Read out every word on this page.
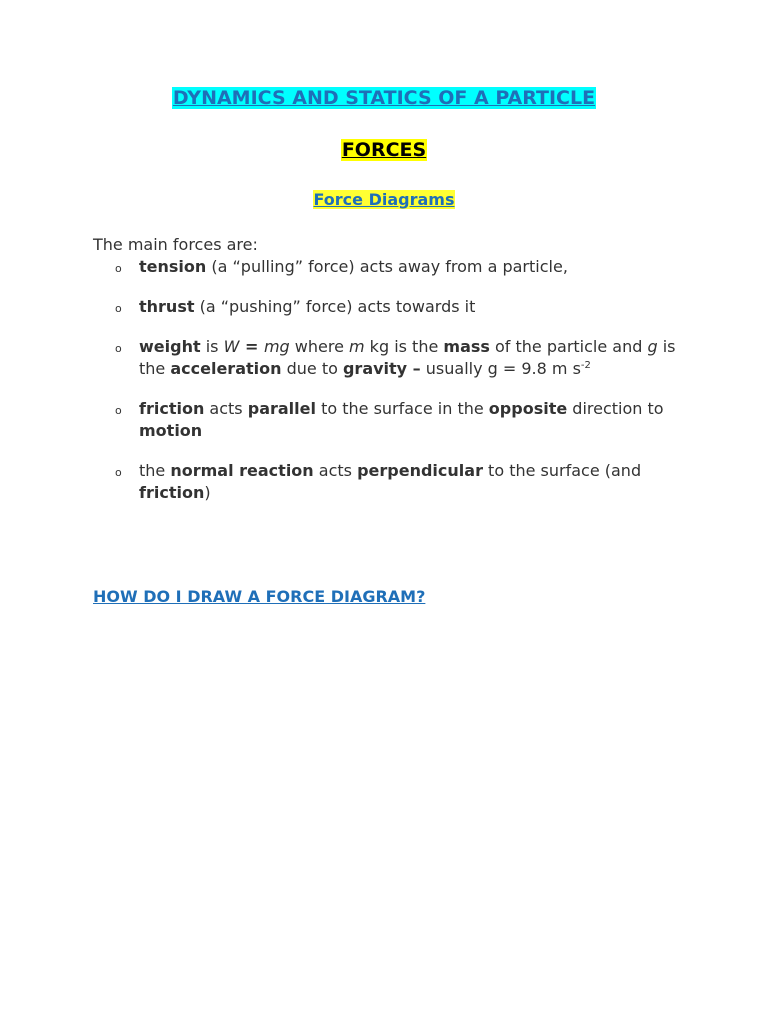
DYNAMICS AND STATICS OF A PARTICLE
FORCES
Force Diagrams

The main forces are:

o tension (a “pulling” force) acts away from a particle,
o thrust (a “pushing” force) acts towards it
o weight is W = mg where m kg is the mass of the particle and g is the acceleration due to gravity – usually g = 9.8 m $s^{-2}$
o friction acts parallel to the surface in the opposite direction to motion
o the normal reaction acts perpendicular to the surface (and friction)

HOW DO I DRAW A FORCE DIAGRAM?
